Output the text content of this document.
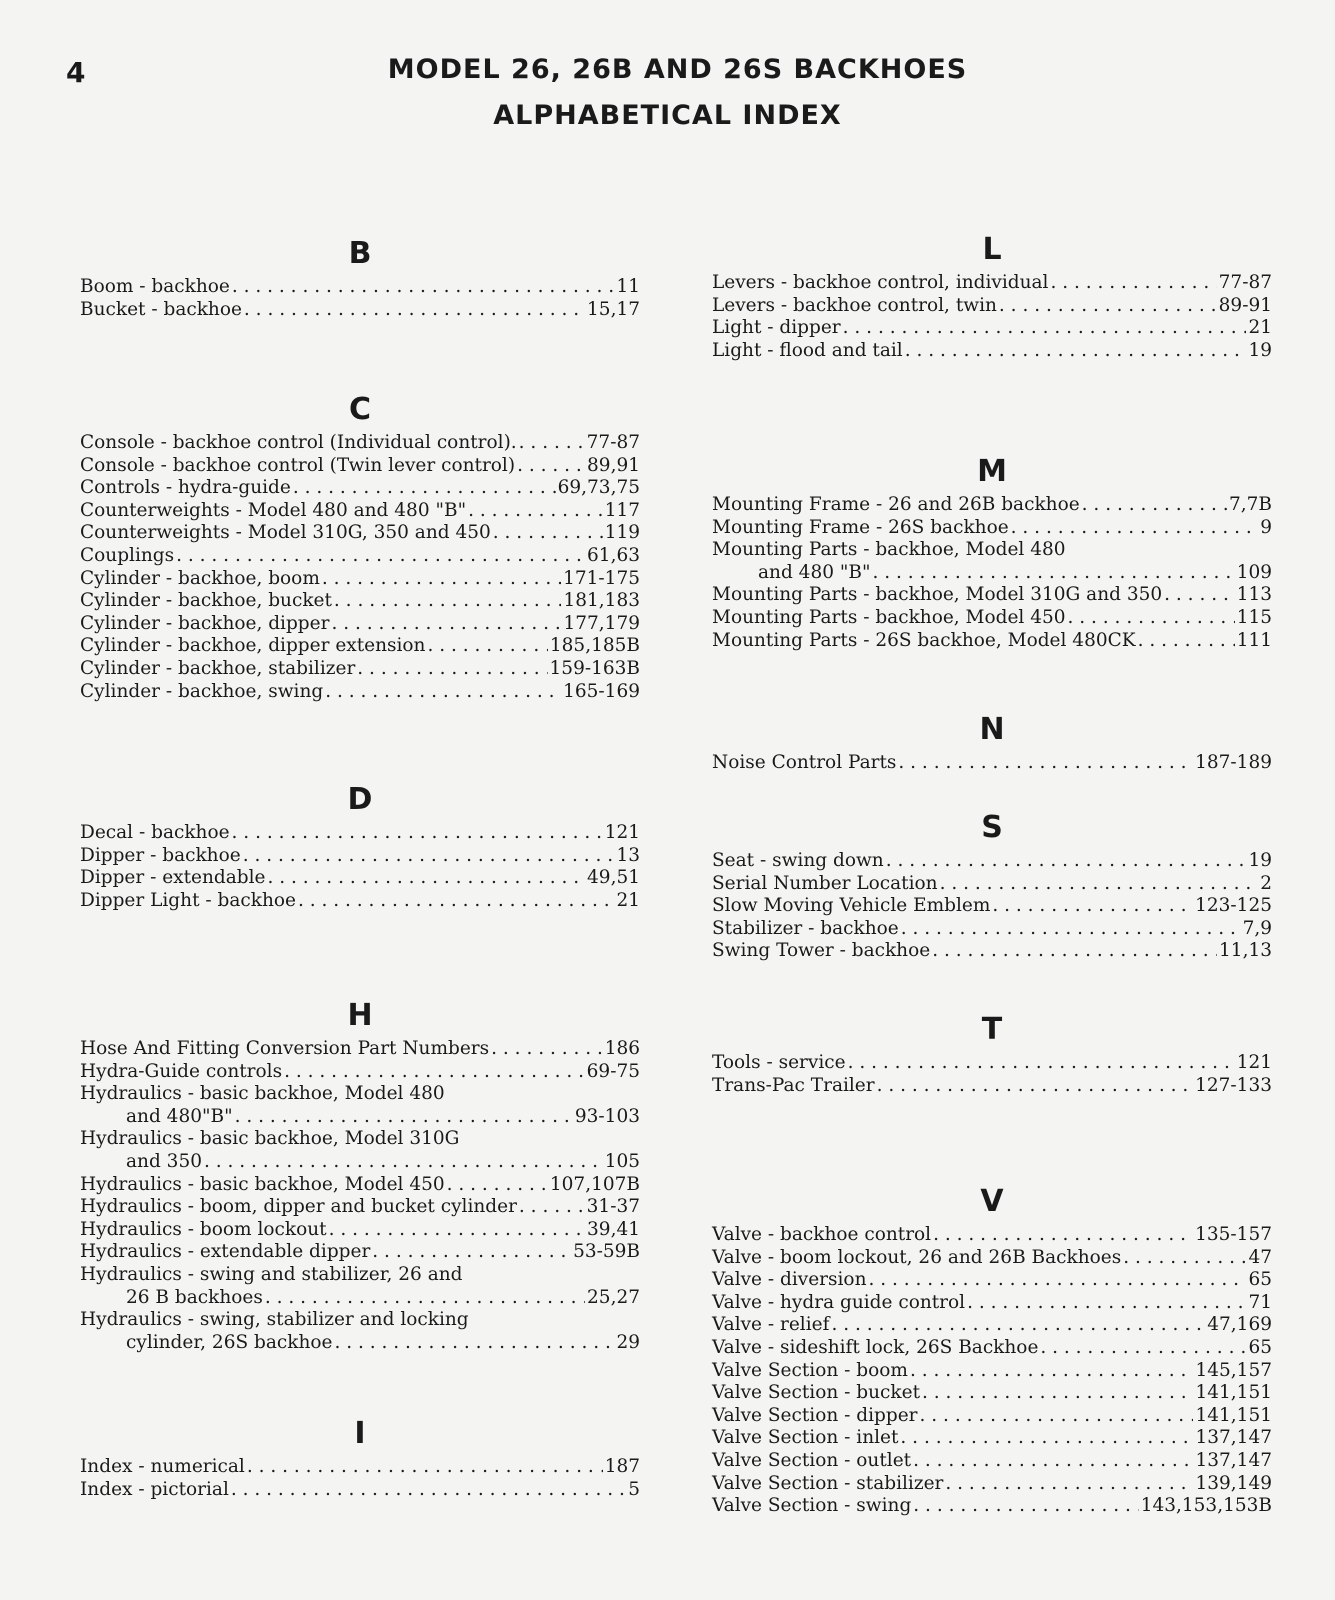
4	MODEL 26, 26B AND 26S BACKHOES
ALPHABETICAL INDEX
B
Boom - backhoe . . .	11
Bucket - backhoe . . .	15,17
C
Console - backhoe control (Individual control). . . .	77-87
Console - backhoe control (Twin lever control) . . .	89,91
Controls - hydra-guide . . .	69,73,75
Counterweights - Model 480 and 480 "B" . . .	117
Counterweights - Model 310G, 350 and 450 . . .	119
Couplings . . .	61,63
Cylinder - backhoe, boom . . .	171-175
Cylinder - backhoe, bucket . . .	181,183
Cylinder - backhoe, dipper . . .	177,179
Cylinder - backhoe, dipper extension . . .	185,185B
Cylinder - backhoe, stabilizer . . .	159-163B
Cylinder - backhoe, swing . . .	165-169
D
Decal - backhoe . . .	121
Dipper - backhoe . . .	13
Dipper - extendable . . .	49,51
Dipper Light - backhoe . . .	21
H
Hose And Fitting Conversion Part Numbers . . .	186
Hydra-Guide controls . . .	69-75
Hydraulics - basic backhoe, Model 480
and 480"B" . . .	93-103
Hydraulics - basic backhoe, Model 310G
and 350 . . .	105
Hydraulics - basic backhoe, Model 450 . . .	107,107B
Hydraulics - boom, dipper and bucket cylinder . . .	31-37
Hydraulics - boom lockout . . .	39,41
Hydraulics - extendable dipper . . .	53-59B
Hydraulics - swing and stabilizer, 26 and
26 B backhoes . . .	25,27
Hydraulics - swing, stabilizer and locking
cylinder, 26S backhoe . . .	29
I
Index - numerical . . .	187
Index - pictorial . . .	5
L
Levers - backhoe control, individual . . .	77-87
Levers - backhoe control, twin . . .	89-91
Light - dipper . . .	21
Light - flood and tail . . .	19
M
Mounting Frame - 26 and 26B backhoe . . .	7,7B
Mounting Frame - 26S backhoe . . .	9
Mounting Parts - backhoe, Model 480
and 480 "B" . . .	109
Mounting Parts - backhoe, Model 310G and 350 . . .	113
Mounting Parts - backhoe, Model 450 . . .	115
Mounting Parts - 26S backhoe, Model 480CK . . .	111
N
Noise Control Parts . . .	187-189
S
Seat - swing down . . .	19
Serial Number Location . . .	2
Slow Moving Vehicle Emblem . . .	123-125
Stabilizer - backhoe . . .	7,9
Swing Tower - backhoe . . .	11,13
T
Tools - service . . .	121
Trans-Pac Trailer . . .	127-133
V
Valve - backhoe control . . .	135-157
Valve - boom lockout, 26 and 26B Backhoes . . .	47
Valve - diversion . . .	65
Valve - hydra guide control . . .	71
Valve - relief . . .	47,169
Valve - sideshift lock, 26S Backhoe . . .	65
Valve Section - boom . . .	145,157
Valve Section - bucket . . .	141,151
Valve Section - dipper . . .	141,151
Valve Section - inlet . . .	137,147
Valve Section - outlet . . .	137,147
Valve Section - stabilizer . . .	139,149
Valve Section - swing . . .	143,153,153B
